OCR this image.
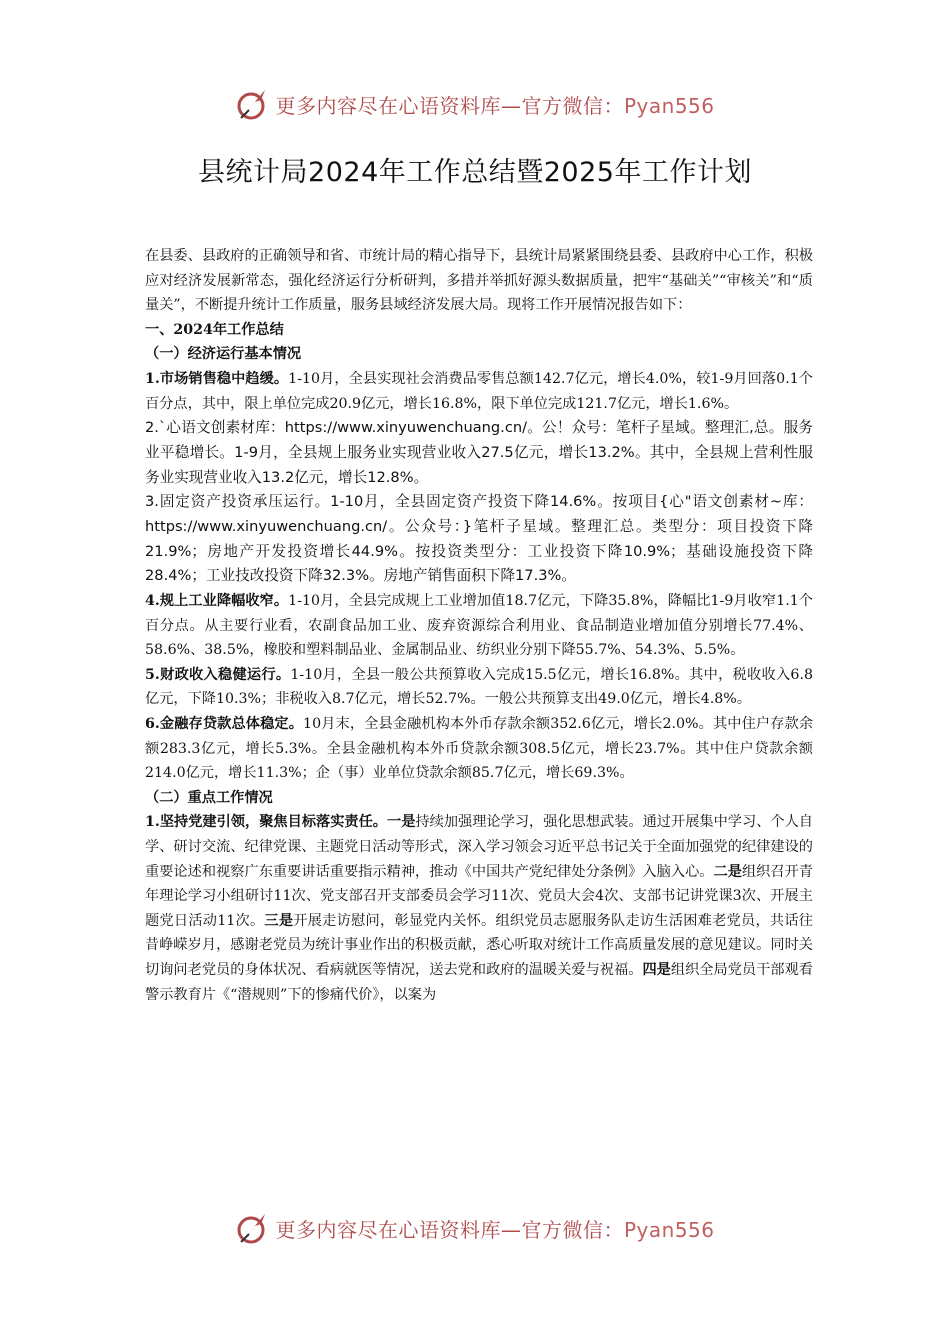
更多内容尽在心语资料库—官方微信：Pyan556
县统计局2024年工作总结暨2025年工作计划

在县委、县政府的正确领导和省、市统计局的精心指导下，县统计局紧紧围绕县委、县政府中心工作，积极应对经济发展新常态，强化经济运行分析研判，多措并举抓好源头数据质量，把牢“基础关”“审核关”和“质量关”，不断提升统计工作质量，服务县域经济发展大局。现将工作开展情况报告如下：

一、2024年工作总结

（一）经济运行基本情况

1.市场销售稳中趋缓。1-10月，全县实现社会消费品零售总额142.7亿元，增长4.0%，较1-9月回落0.1个百分点，其中，限上单位完成20.9亿元，增长16.8%，限下单位完成121.7亿元，增长1.6%。

2.`心语文创素材库：https://www.xinyuwenchuang.cn/。公！众号：笔杆子星域。整理汇,总。服务业平稳增长。1-9月，全县规上服务业实现营业收入27.5亿元，增长13.2%。其中，全县规上营利性服务业实现营业收入13.2亿元，增长12.8%。

3.固定资产投资承压运行。1-10月，全县固定资产投资下降14.6%。按项目{心"语文创素材~库：https://www.xinyuwenchuang.cn/。公众号：}笔杆子星域。整理汇总。类型分：项目投资下降21.9%；房地产开发投资增长44.9%。按投资类型分：工业投资下降10.9%；基础设施投资下降28.4%；工业技改投资下降32.3%。房地产销售面积下降17.3%。

4.规上工业降幅收窄。1-10月，全县完成规上工业增加值18.7亿元，下降35.8%，降幅比1-9月收窄1.1个百分点。从主要行业看，农副食品加工业、废弃资源综合利用业、食品制造业增加值分别增长77.4%、58.6%、38.5%，橡胶和塑料制品业、金属制品业、纺织业分别下降55.7%、54.3%、5.5%。

5.财政收入稳健运行。1-10月，全县一般公共预算收入完成15.5亿元，增长16.8%。其中，税收收入6.8亿元，下降10.3%；非税收入8.7亿元，增长52.7%。一般公共预算支出49.0亿元，增长4.8%。

6.金融存贷款总体稳定。10月末，全县金融机构本外币存款余额352.6亿元，增长2.0%。其中住户存款余额283.3亿元，增长5.3%。全县金融机构本外币贷款余额308.5亿元，增长23.7%。其中住户贷款余额214.0亿元，增长11.3%；企（事）业单位贷款余额85.7亿元，增长69.3%。

（二）重点工作情况

1.坚持党建引领，聚焦目标落实责任。一是持续加强理论学习，强化思想武装。通过开展集中学习、个人自学、研讨交流、纪律党课、主题党日活动等形式，深入学习领会习近平总书记关于全面加强党的纪律建设的重要论述和视察广东重要讲话重要指示精神，推动《中国共产党纪律处分条例》入脑入心。二是组织召开青年理论学习小组研讨11次、党支部召开支部委员会学习11次、党员大会4次、支部书记讲党课3次、开展主题党日活动11次。三是开展走访慰问，彰显党内关怀。组织党员志愿服务队走访生活困难老党员，共话往昔峥嵘岁月，感谢老党员为统计事业作出的积极贡献，悉心听取对统计工作高质量发展的意见建议。同时关切询问老党员的身体状况、看病就医等情况，送去党和政府的温暖关爱与祝福。四是组织全局党员干部观看警示教育片《“潜规则”下的惨痛代价》，以案为

更多内容尽在心语资料库—官方微信：Pyan556
